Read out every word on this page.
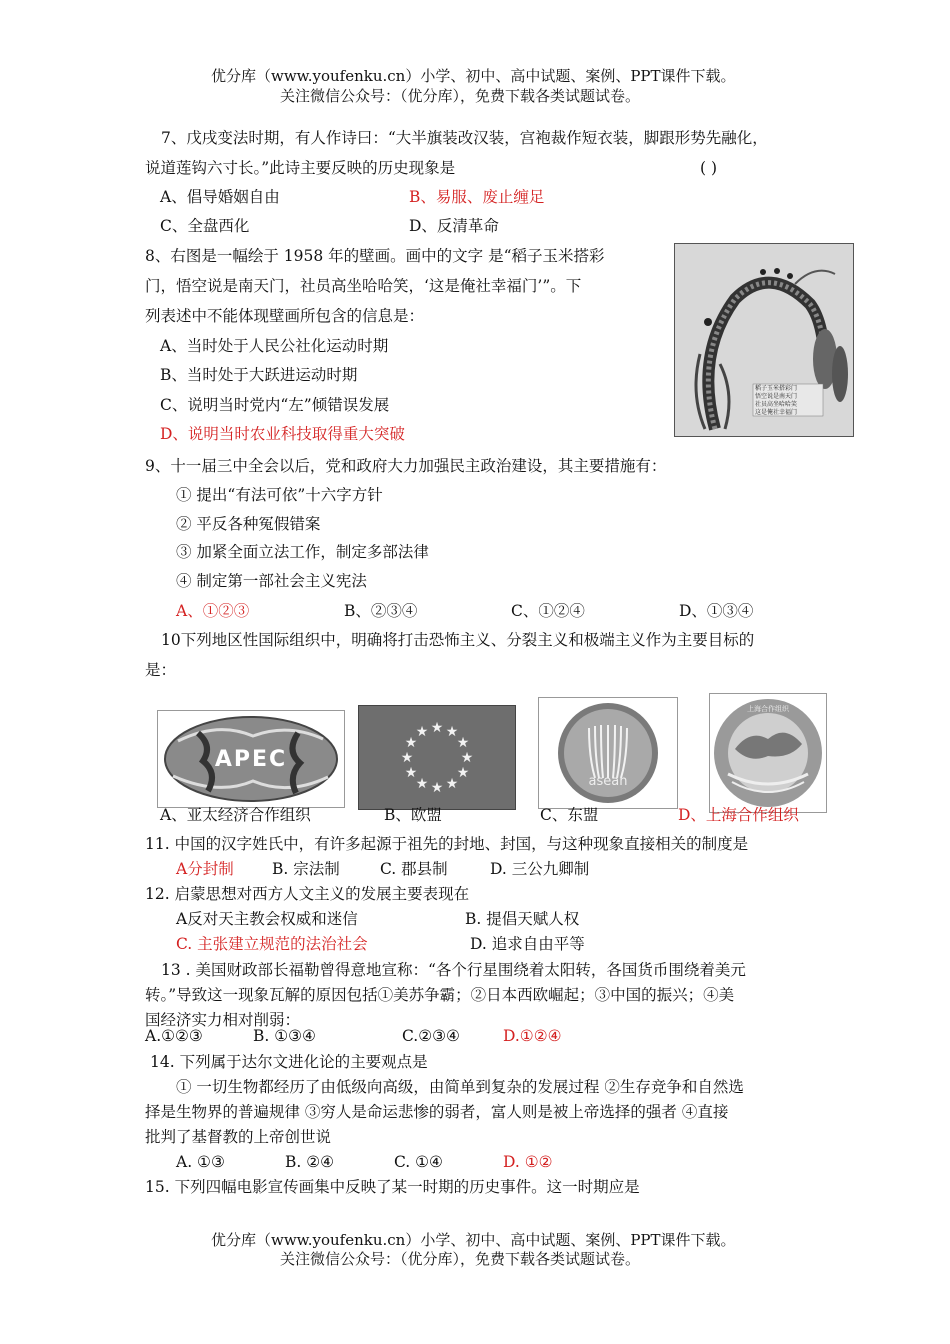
优分库（www.youfenku.cn）小学、初中、高中试题、案例、PPT课件下载。
关注微信公众号：（优分库），免费下载各类试题试卷。
7、戊戌变法时期，有人作诗曰：“大半旗装改汉装，宫袍裁作短衣装，脚跟形势先融化，
说道莲钩六寸长。”此诗主要反映的历史现象是	( )
A、倡导婚姻自由	B、易服、废止缠足
C、全盘西化	D、反清革命
8、右图是一幅绘于 1958 年的壁画。画中的文字 是“稻子玉米搭彩
门，悟空说是南天门，社员高坐哈哈笑，‘这是俺社幸福门’”。下
列表述中不能体现壁画所包含的信息是：
A、当时处于人民公社化运动时期
B、当时处于大跃进运动时期
C、说明当时党内“左”倾错误发展
D、说明当时农业科技取得重大突破
稻子玉米搭彩门
悟空说是南天门
社员高坐哈哈笑
这是俺社幸福门
9、十一届三中全会以后，党和政府大力加强民主政治建设，其主要措施有：
① 提出“有法可依”十六字方针
② 平反各种冤假错案
③ 加紧全面立法工作，制定多部法律
④ 制定第一部社会主义宪法
A、①②③	B、②③④	C、①②④	D、①③④
10下列地区性国际组织中，明确将打击恐怖主义、分裂主义和极端主义作为主要目标的
是：
APEC
★ ★
★
★
★
★
★
★
★
★
★
★
asean
上海合作组织
A、亚太经济合作组织	B、欧盟	C、东盟	D、上海合作组织
11. 中国的汉字姓氏中，有许多起源于祖先的封地、封国，与这种现象直接相关的制度是
A分封制 B. 宗法制	C. 郡县制	D. 三公九卿制
12. 启蒙思想对西方人文主义的发展主要表现在
A反对天主教会权威和迷信	B. 提倡天赋人权
C. 主张建立规范的法治社会	D. 追求自由平等
13 . 美国财政部长福勒曾得意地宣称：“各个行星围绕着太阳转，各国货币围绕着美元
转。”导致这一现象瓦解的原因包括①美苏争霸；②日本西欧崛起；③中国的振兴；④美
国经济实力相对削弱：
A.①②③	B. ①③④	C.②③④	D.①②④
14. 下列属于达尔文进化论的主要观点是
① 一切生物都经历了由低级向高级，由简单到复杂的发展过程 ②生存竞争和自然选
择是生物界的普遍规律 ③穷人是命运悲惨的弱者，富人则是被上帝选择的强者 ④直接
批判了基督教的上帝创世说
A. ①③	B. ②④	C. ①④	D. ①②
15. 下列四幅电影宣传画集中反映了某一时期的历史事件。这一时期应是
优分库（www.youfenku.cn）小学、初中、高中试题、案例、PPT课件下载。
关注微信公众号：（优分库），免费下载各类试题试卷。
